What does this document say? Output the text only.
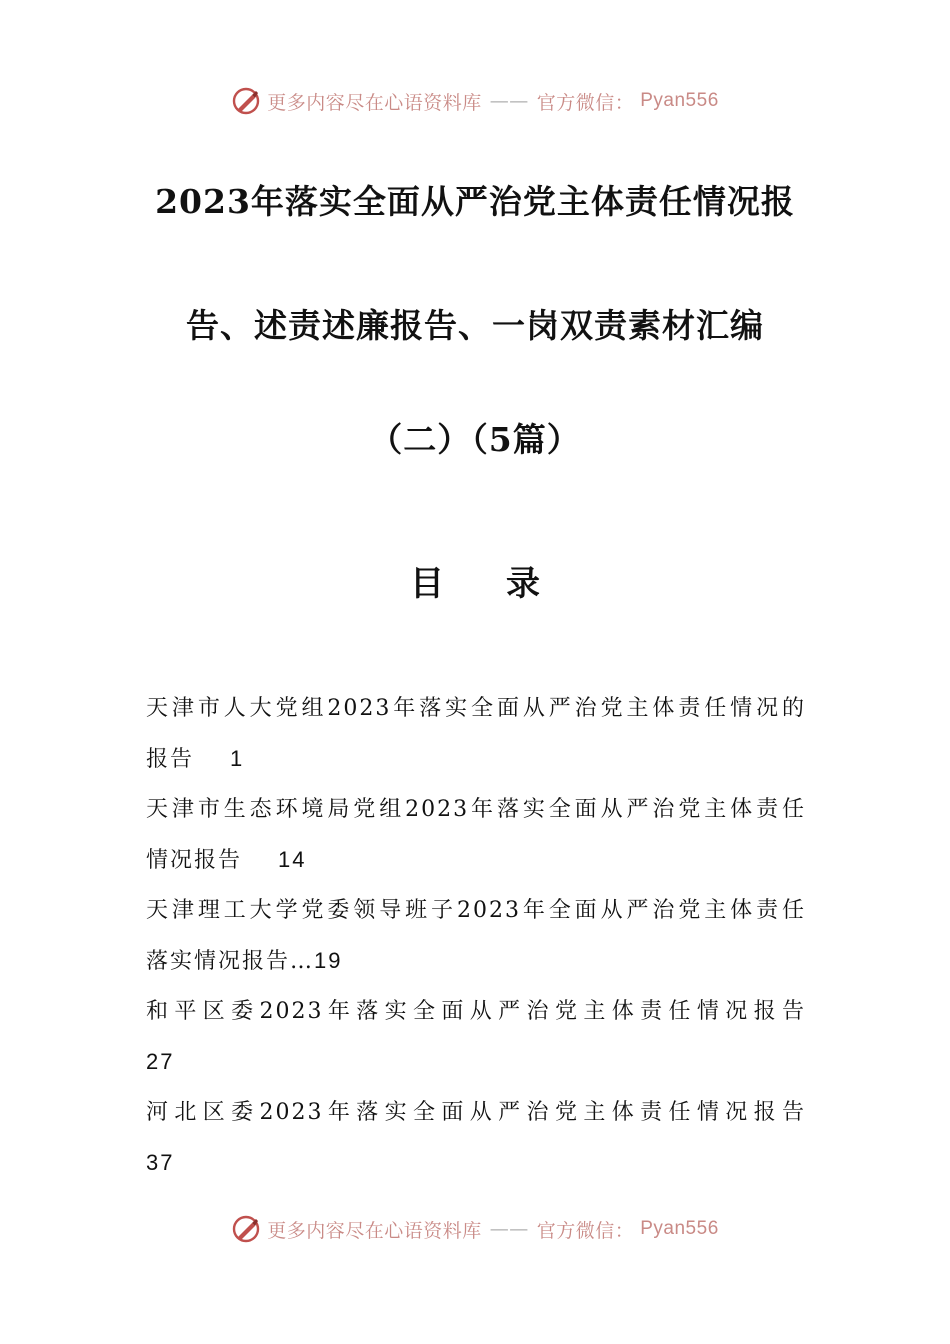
更多内容尽在心语资料库 —— 官方微信： Pyan556
2023年落实全面从严治党主体责任情况报
告、述责述廉报告、一岗双责素材汇编
（二）（5篇）
目录
天津市人大党组2023年落实全面从严治党主体责任情况的
报告 1
天津市生态环境局党组2023年落实全面从严治党主体责任
情况报告 14
天津理工大学党委领导班子2023年全面从严治党主体责任
落实情况报告…19
和平区委2023年落实全面从严治党主体责任情况报告
27
河北区委2023年落实全面从严治党主体责任情况报告
37
更多内容尽在心语资料库 —— 官方微信： Pyan556
